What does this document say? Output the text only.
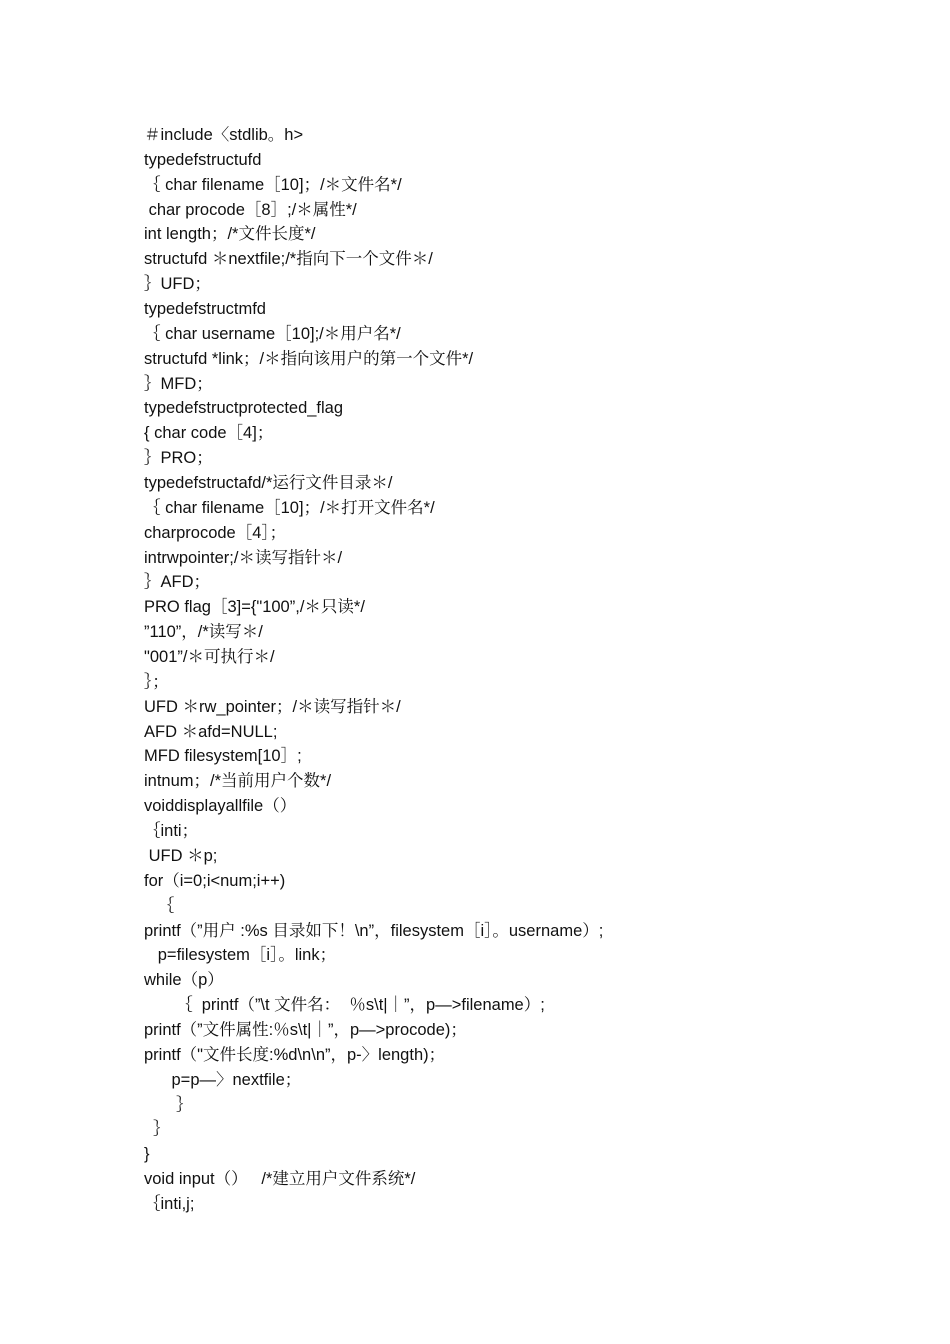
＃include〈stdlib。h>
typedefstructufd
｛ char filename［10]；/＊文件名*/
char procode［8］;/＊属性*/
int length；/*文件长度*/
structufd ＊nextfile;/*指向下一个文件＊/
｝UFD；
typedefstructmfd
｛ char username［10];/＊用户名*/
structufd *link；/＊指向该用户的第一个文件*/
｝MFD；
typedefstructprotected_flag
{ char code［4]；
｝PRO；
typedefstructafd/*运行文件目录＊/
｛ char filename［10]；/＊打开文件名*/
charprocode［4］；
intrwpointer;/＊读写指针＊/
｝AFD；
PRO flag［3]={"100”,/＊只读*/
”110”，/*读写＊/
"001”/＊可执行＊/
｝；
UFD ＊rw_pointer；/＊读写指针＊/
AFD ＊afd=NULL;
MFD filesystem[10］;
intnum；/*当前用户个数*/
voiddisplayallfile（）
｛inti；
UFD ＊p;
for（i=0;i<num;i++)
｛
printf（”用户 :%s 目录如下！\n”，filesystem［i］。username）;
p=filesystem［i］。link；
while（p）
｛  printf（”\t 文件名：  ％s\t|｜”，p—>filename）;
printf（”文件属性:％s\t|｜”，p—>procode)；
printf（"文件长度:%d\n\n”，p-〉length)；
p=p—〉nextfile；
｝
｝
}
void input（）   /*建立用户文件系统*/
｛inti,j;
